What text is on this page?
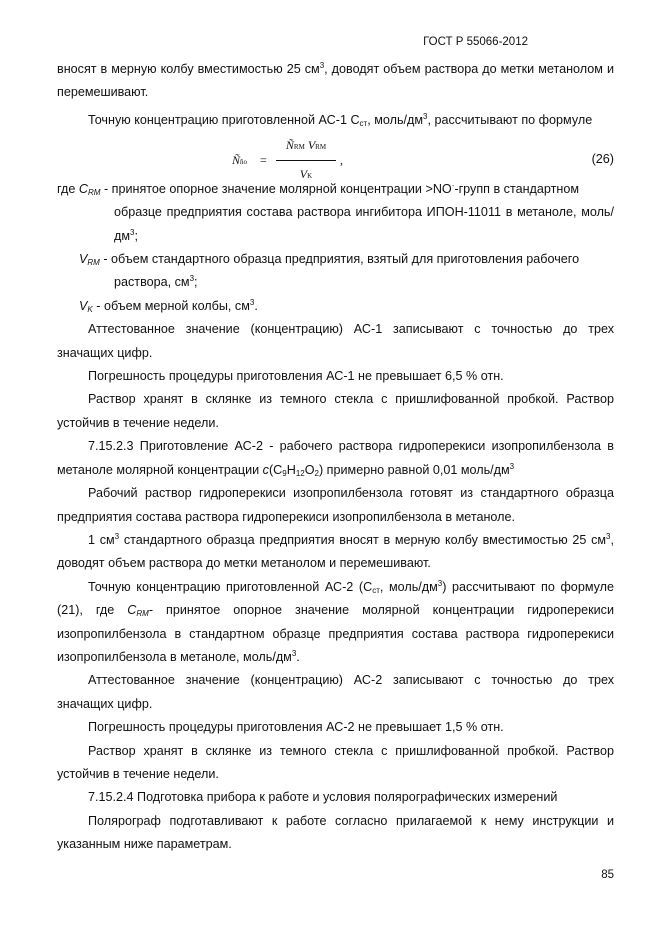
ГОСТ Р 55066-2012

вносят в мерную колбу вместимостью 25 $см^3$, доводят объем раствора до метки метанолом и перемешивают.

Точную концентрацию приготовленной АС-1 $С_{ст}$, моль/$дм^3$, рассчитывают по формуле

Ñño =
ÑRM VRM
VK
,	(26)

где $C_{RM}$ - принятое опорное значение молярной концентрации >NO·-групп в стандартном

образце предприятия состава раствора ингибитора ИПОН-11011 в метаноле, моль/$дм^3$;

$V_{RM}$ - объем стандартного образца предприятия, взятый для приготовления рабочего

раствора, $см^3$;

$V_K$ - объем мерной колбы, $см^3$.

Аттестованное значение (концентрацию) АС-1 записывают с точностью до трех значащих цифр.

Погрешность процедуры приготовления АС-1 не превышает 6,5 % отн.

Раствор хранят в склянке из темного стекла с пришлифованной пробкой. Раствор устойчив в течение недели.

7.15.2.3 Приготовление АС-2 - рабочего раствора гидроперекиси изопропилбензола в метаноле молярной концентрации $c(C_9H_{12}O_2)$ примерно равной 0,01 моль/$дм^3$

Рабочий раствор гидроперекиси изопропилбензола готовят из стандартного образца предприятия состава раствора гидроперекиси изопропилбензола в метаноле.

1 $см^3$ стандартного образца предприятия вносят в мерную колбу вместимостью 25 $см^3$, доводят объем раствора до метки метанолом и перемешивают.

Точную концентрацию приготовленной АС-2 ($С_{ст}$, моль/$дм^3$) рассчитывают по формуле (21), где $C_{RM}-$ принятое опорное значение молярной концентрации гидроперекиси изопропилбензола в стандартном образце предприятия состава раствора гидроперекиси изопропилбензола в метаноле, моль/$дм^3$.

Аттестованное значение (концентрацию) АС-2 записывают с точностью до трех значащих цифр.

Погрешность процедуры приготовления АС-2 не превышает 1,5 % отн.

Раствор хранят в склянке из темного стекла с пришлифованной пробкой. Раствор устойчив в течение недели.

7.15.2.4 Подготовка прибора к работе и условия полярографических измерений

Полярограф подготавливают к работе согласно прилагаемой к нему инструкции и указанным ниже параметрам.

85
